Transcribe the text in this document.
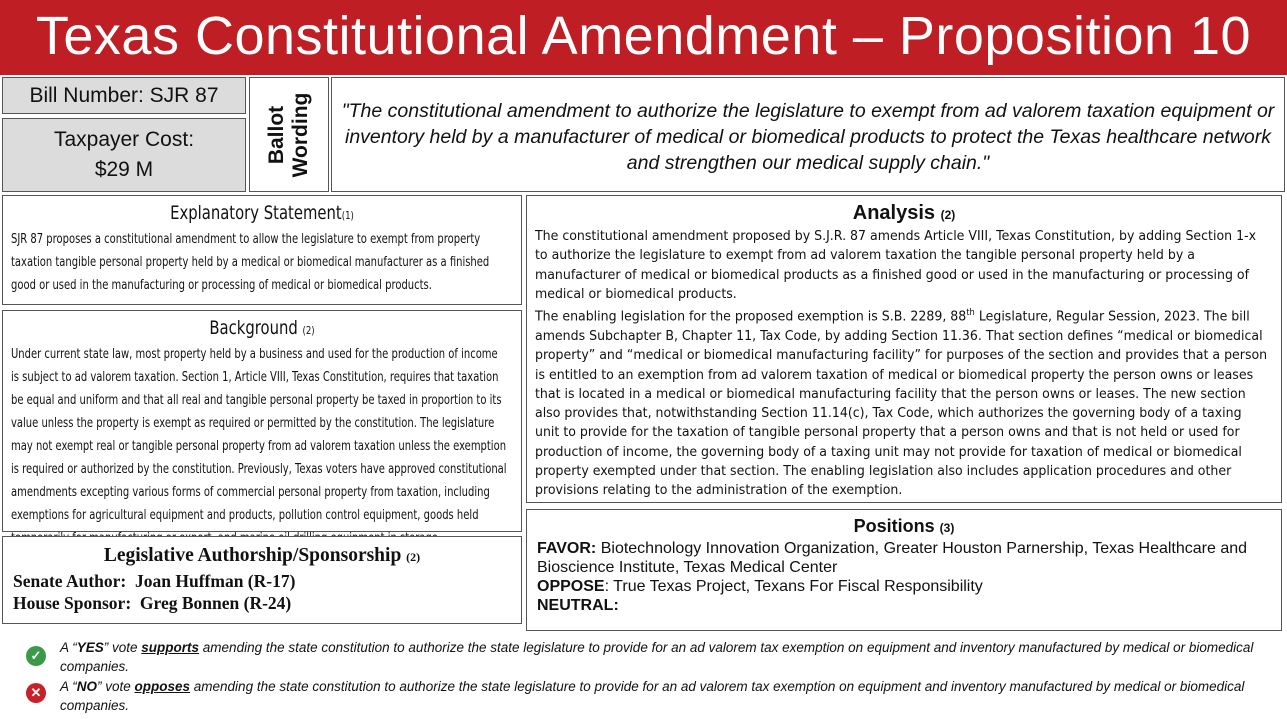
Texas Constitutional Amendment – Proposition 10
Bill Number: SJR 87
Taxpayer Cost:
$29 M
Ballot Wording	"The constitutional amendment to authorize the legislature to exempt from ad valorem taxation equipment or inventory held by a manufacturer of medical or biomedical products to protect the Texas healthcare network and strengthen our medical supply chain."
Explanatory Statement(1)
SJR 87 proposes a constitutional amendment to allow the legislature to exempt from property taxation tangible personal property held by a medical or biomedical manufacturer as a finished good or used in the manufacturing or processing of medical or biomedical products.
Background (2)
Under current state law, most property held by a business and used for the production of income is subject to ad valorem taxation. Section 1, Article VIII, Texas Constitution, requires that taxation be equal and uniform and that all real and tangible personal property be taxed in proportion to its value unless the property is exempt as required or permitted by the constitution. The legislature may not exempt real or tangible personal property from ad valorem taxation unless the exemption is required or authorized by the constitution. Previously, Texas voters have approved constitutional amendments excepting various forms of commercial personal property from taxation, including exemptions for agricultural equipment and products, pollution control equipment, goods held
Legislative Authorship/Sponsorship (2)
Senate Author: Joan Huffman (R-17)
House Sponsor: Greg Bonnen (R-24)
Analysis (2)
The constitutional amendment proposed by S.J.R. 87 amends Article VIII, Texas Constitution, by adding Section 1-x to authorize the legislature to exempt from ad valorem taxation the tangible personal property held by a manufacturer of medical or biomedical products as a finished good or used in the manufacturing or processing of medical or biomedical products.
The enabling legislation for the proposed exemption is S.B. 2289, 88th Legislature, Regular Session, 2023. The bill amends Subchapter B, Chapter 11, Tax Code, by adding Section 11.36. That section defines “medical or biomedical property” and “medical or biomedical manufacturing facility” for purposes of the section and provides that a person is entitled to an exemption from ad valorem taxation of medical or biomedical property the person owns or leases that is located in a medical or biomedical manufacturing facility that the person owns or leases. The new section also provides that, notwithstanding Section 11.14(c), Tax Code, which authorizes the governing body of a taxing unit to provide for the taxation of tangible personal property that a person owns and that is not held or used for production of income, the governing body of a taxing unit may not provide for taxation of medical or biomedical property exempted under that section. The enabling legislation also includes application procedures and other provisions relating to the administration of the exemption.
Positions (3)
FAVOR: Biotechnology Innovation Organization, Greater Houston Parnership, Texas Healthcare and Bioscience Institute, Texas Medical Center
OPPOSE: True Texas Project, Texans For Fiscal Responsibility
NEUTRAL:
✓
A “YES” vote supports amending the state constitution to authorize the state legislature to provide for an ad valorem tax exemption on equipment and inventory manufactured by medical or biomedical companies.
✕	A “NO” vote opposes amending the state constitution to authorize the state legislature to provide for an ad valorem tax exemption on equipment and inventory manufactured by medical or biomedical companies.
